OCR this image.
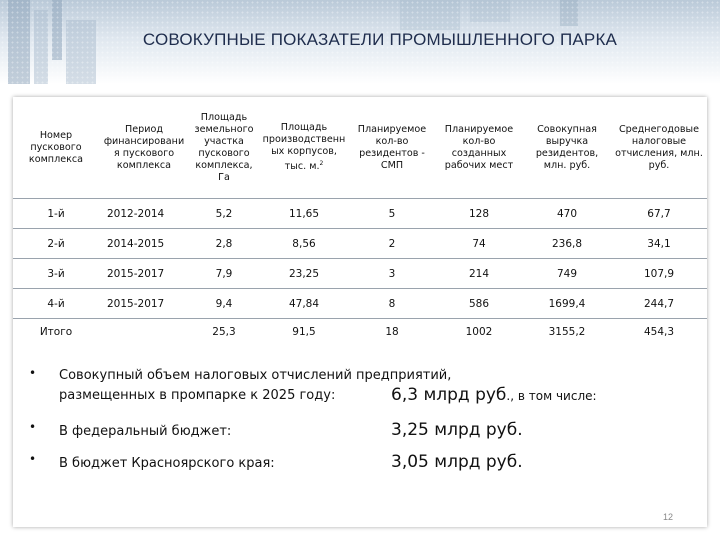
СОВОКУПНЫЕ ПОКАЗАТЕЛИ ПРОМЫШЛЕННОГО ПАРКА
Номер пускового комплекса	Период финансировани я пускового комплекса	Площадь земельного участка пускового комплекса, Га	Площадь производственн ых корпусов, тыс. м.$^2$	Планируемое кол-во резидентов - СМП	Планируемое кол-во созданных рабочих мест	Совокупная выручка резидентов, млн. руб.	Среднегодовые налоговые отчисления, млн. руб.
1-й	2012-2014	5,2	11,65	5	128	470	67,7
2-й	2014-2015	2,8	8,56	2	74	236,8	34,1
3-й	2015-2017	7,9	23,25	3	214	749	107,9
4-й	2015-2017	9,4	47,84	8	586	1699,4	244,7
Итого		25,3	91,5	18	1002	3155,2	454,3
12
• Совокупный объем налоговых отчислений предприятий,
размещенных в промпарке к 2025 году:	6,3 млрд руб., в том числе:
• В федеральный бюджет:	3,25 млрд руб.
• В бюджет Красноярского края:	3,05 млрд руб.
